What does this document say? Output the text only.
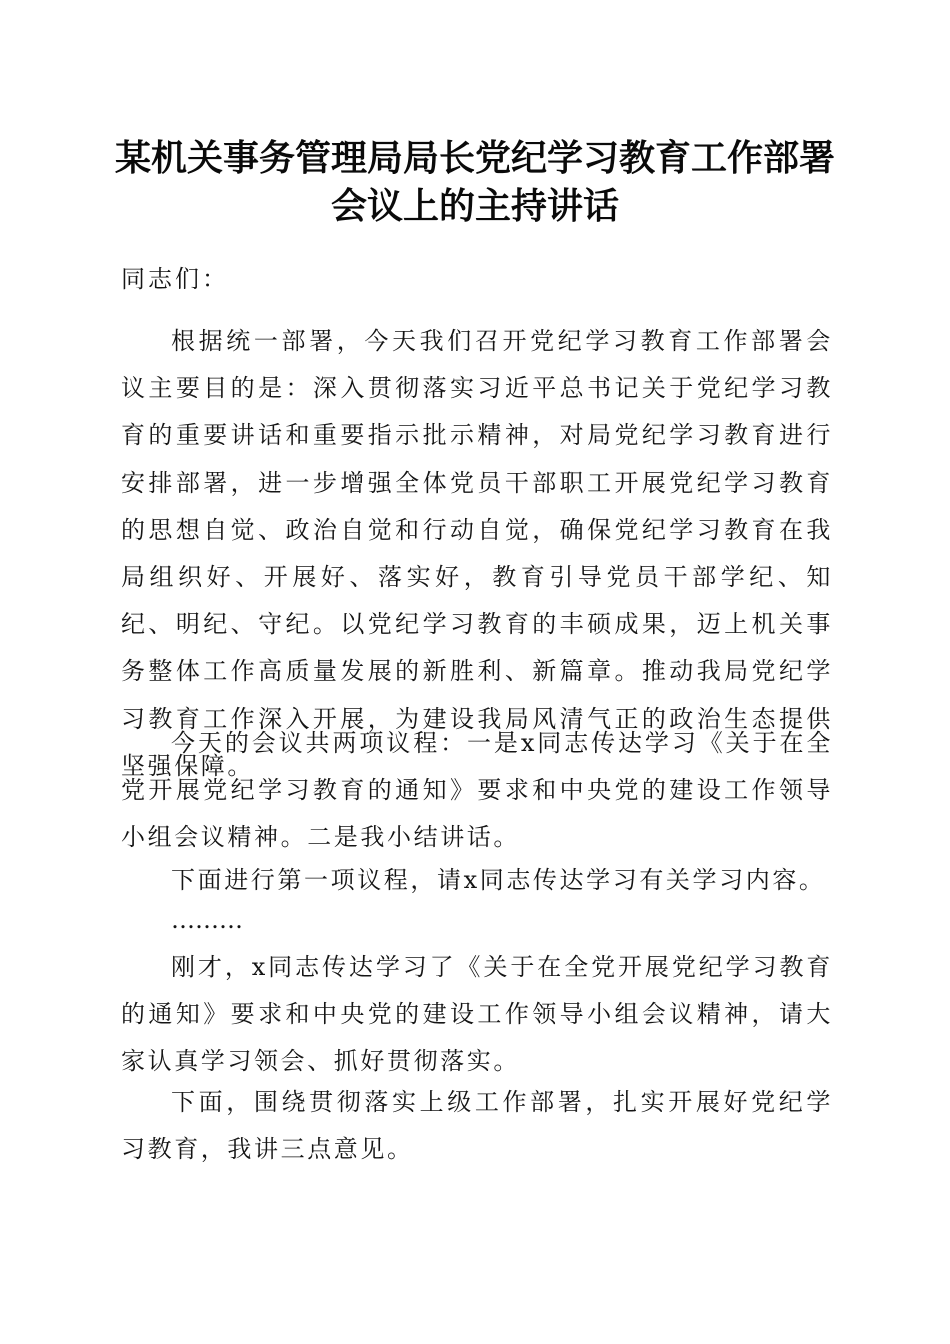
某机关事务管理局局长党纪学习教育工作部署
会议上的主持讲话
同志们：
根据统一部署，今天我们召开党纪学习教育工作部署会议主要目的是：深入贯彻落实习近平总书记关于党纪学习教育的重要讲话和重要指示批示精神，对局党纪学习教育进行安排部署，进一步增强全体党员干部职工开展党纪学习教育的思想自觉、政治自觉和行动自觉，确保党纪学习教育在我局组织好、开展好、落实好，教育引导党员干部学纪、知纪、明纪、守纪。以党纪学习教育的丰硕成果，迈上机关事务整体工作高质量发展的新胜利、新篇章。推动我局党纪学习教育工作深入开展，为建设我局风清气正的政治生态提供坚强保障。
今天的会议共两项议程：一是x同志传达学习《关于在全党开展党纪学习教育的通知》要求和中央党的建设工作领导小组会议精神。二是我小结讲话。
下面进行第一项议程，请x同志传达学习有关学习内容。
………
刚才，x同志传达学习了《关于在全党开展党纪学习教育的通知》要求和中央党的建设工作领导小组会议精神，请大家认真学习领会、抓好贯彻落实。
下面，围绕贯彻落实上级工作部署，扎实开展好党纪学习教育，我讲三点意见。
